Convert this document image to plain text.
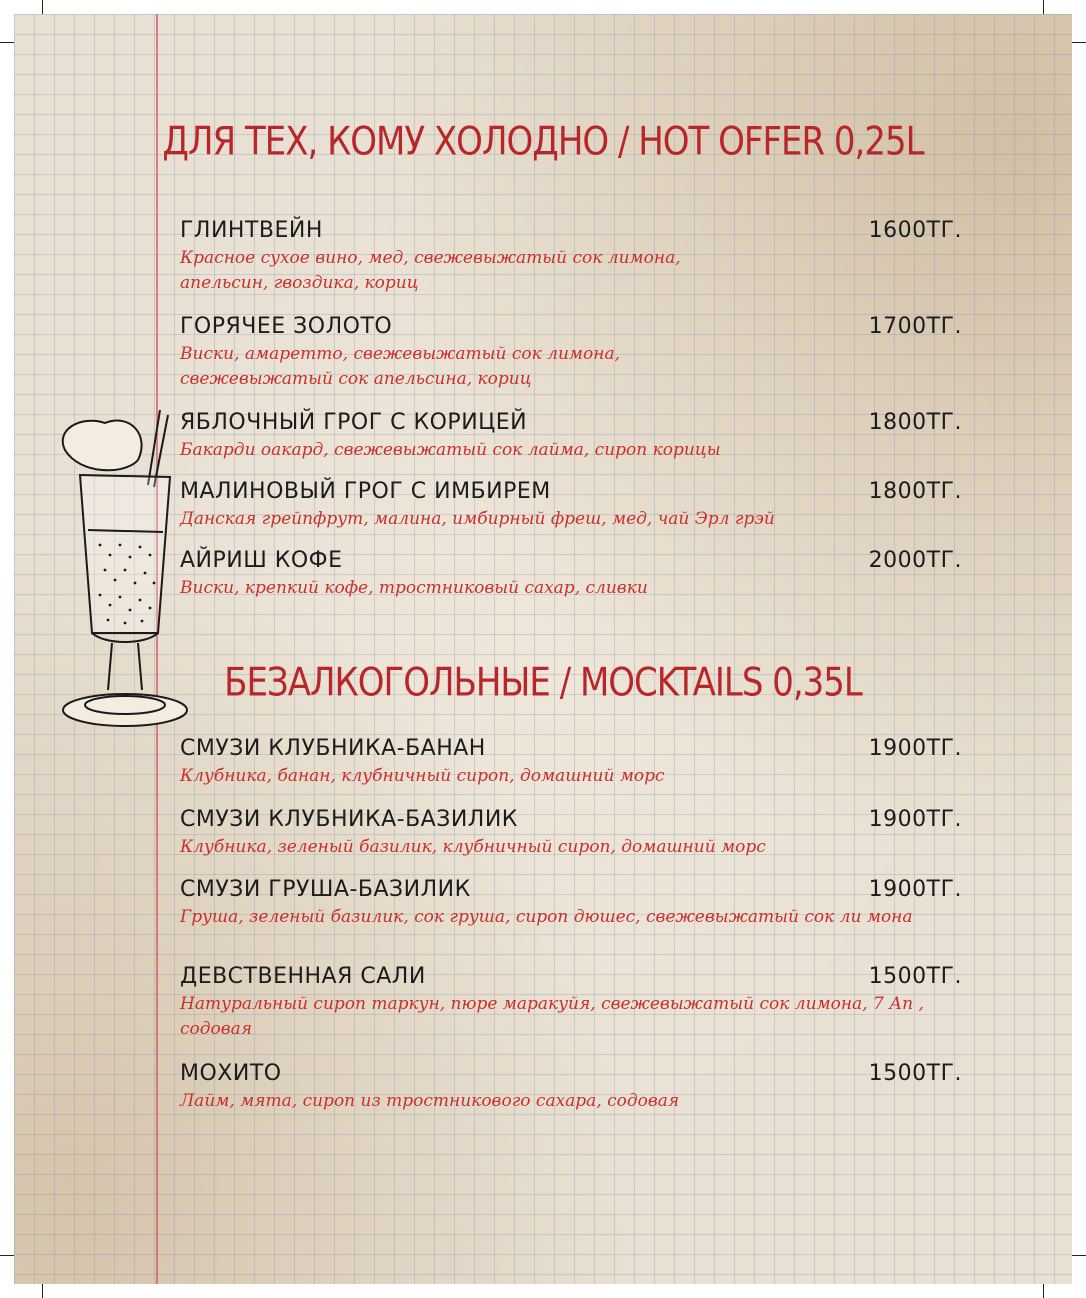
ДЛЯ ТЕХ, КОМУ ХОЛОДНО / HOT OFFER 0,25L
ГЛИНТВЕЙН	1600ТГ.
Красное сухое вино, мед, свежевыжатый сок лимона, апельсин, гвоздика, кориц
ГОРЯЧЕЕ ЗОЛОТО	1700ТГ.
Виски, амаретто, свежевыжатый сок лимона, свежевыжатый сок апельсина, кориц
ЯБЛОЧНЫЙ ГРОГ С КОРИЦЕЙ	1800ТГ.
Бакарди оакард, свежевыжатый сок лайма, сироп корицы
МАЛИНОВЫЙ ГРОГ С ИМБИРЕМ	1800ТГ.
Данская грейпфрут, малина, имбирный фреш, мед, чай Эрл грэй
АЙРИШ КОФЕ	2000ТГ.
Виски, крепкий кофе, тростниковый сахар, сливки
БЕЗАЛКОГОЛЬНЫЕ / MOCKTAILS 0,35L
СМУЗИ КЛУБНИКА-БАНАН	1900ТГ.
Клубника, банан, клубничный сироп, домашний морс
СМУЗИ КЛУБНИКА-БАЗИЛИК	1900ТГ.
Клубника, зеленый базилик, клубничный сироп, домашний морс
СМУЗИ ГРУША-БАЗИЛИК	1900ТГ.
Груша, зеленый базилик, сок груша, сироп дюшес, свежевыжатый сок ли мона
ДЕВСТВЕННАЯ САЛИ	1500ТГ.
Натуральный сироп таркун, пюре маракуйя, свежевыжатый сок лимона, 7 Ап , содовая
МОХИТО	1500ТГ.
Лайм, мята, сироп из тростникового сахара, содовая
